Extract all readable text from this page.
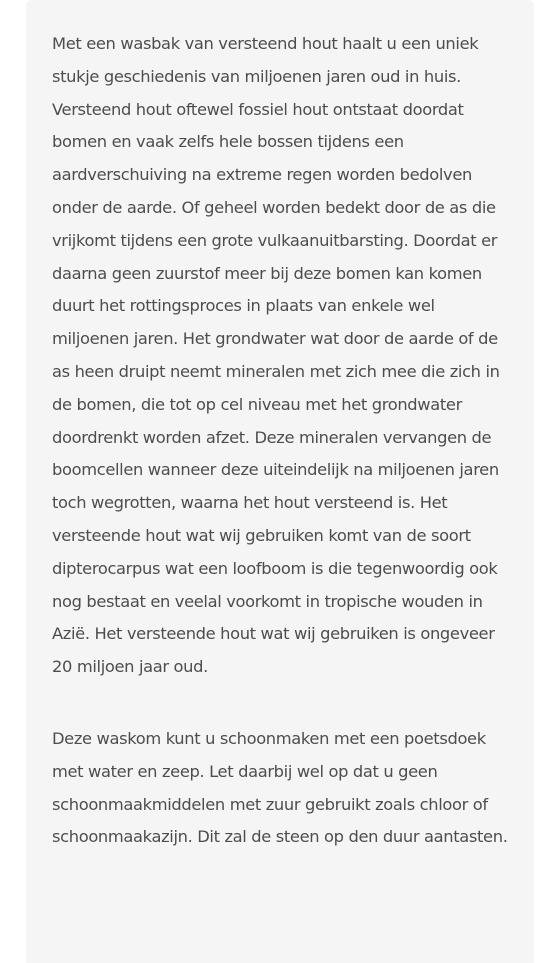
Met een wasbak van versteend hout haalt u een uniek stukje geschiedenis van miljoenen jaren oud in huis. Versteend hout oftewel fossiel hout ontstaat doordat bomen en vaak zelfs hele bossen tijdens een aardverschuiving na extreme regen worden bedolven onder de aarde. Of geheel worden bedekt door de as die vrijkomt tijdens een grote vulkaanuitbarsting. Doordat er daarna geen zuurstof meer bij deze bomen kan komen duurt het rottingsproces in plaats van enkele wel miljoenen jaren. Het grondwater wat door de aarde of de as heen druipt neemt mineralen met zich mee die zich in de bomen, die tot op cel niveau met het grondwater doordrenkt worden afzet. Deze mineralen vervangen de boomcellen wanneer deze uiteindelijk na miljoenen jaren toch wegrotten, waarna het hout versteend is. Het versteende hout wat wij gebruiken komt van de soort dipterocarpus wat een loofboom is die tegenwoordig ook nog bestaat en veelal voorkomt in tropische wouden in Azië. Het versteende hout wat wij gebruiken is ongeveer 20 miljoen jaar oud.

Deze waskom kunt u schoonmaken met een poetsdoek met water en zeep. Let daarbij wel op dat u geen schoonmaakmiddelen met zuur gebruikt zoals chloor of schoonmaakazijn. Dit zal de steen op den duur aantasten.
